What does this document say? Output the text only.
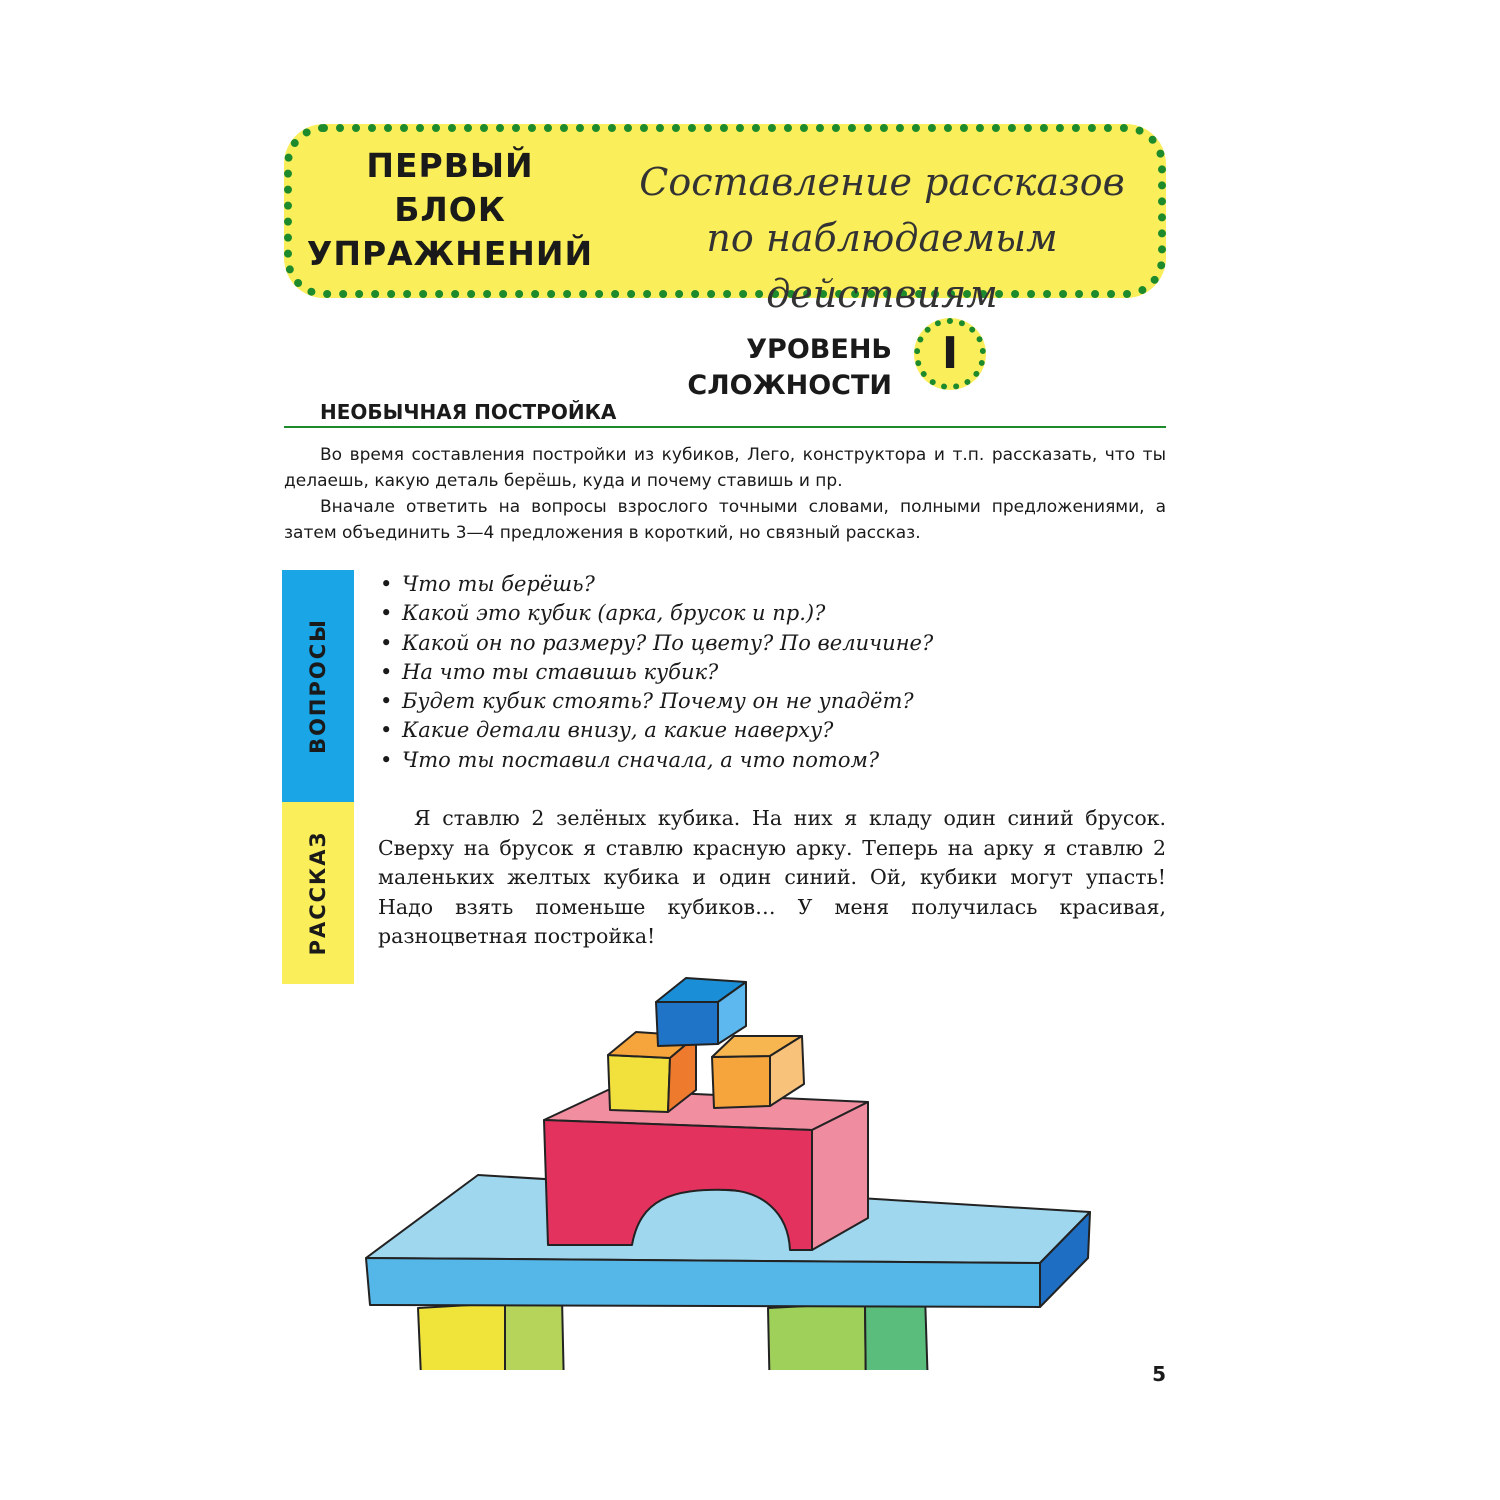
ПЕРВЫЙ
БЛОК
УПРАЖНЕНИЙ
Составление рассказов
по наблюдаемым действиям
УРОВЕНЬ СЛОЖНОСТИ
I
НЕОБЫЧНАЯ ПОСТРОЙКА

Во время составления постройки из кубиков, Лего, конструктора и т.п. рассказать, что ты делаешь, какую деталь берёшь, куда и почему ставишь и пр.

Вначале ответить на вопросы взрослого точными словами, полными предложениями, а затем объединить 3—4 предложения в короткий, но связный рассказ.

ВОПРОСЫ
РАССКАЗ
• Что ты берёшь?
• Какой это кубик (арка, брусок и пр.)?
• Какой он по размеру? По цвету? По величине?
• На что ты ставишь кубик?
• Будет кубик стоять? Почему он не упадёт?
• Какие детали внизу, а какие наверху?
• Что ты поставил сначала, а что потом?

Я ставлю 2 зелёных кубика. На них я кладу один синий брусок. Сверху на брусок я ставлю красную арку. Теперь на арку я ставлю 2 маленьких желтых кубика и один синий. Ой, кубики могут упасть! Надо взять поменьше кубиков… У меня получилась красивая, разноцветная постройка!

5
